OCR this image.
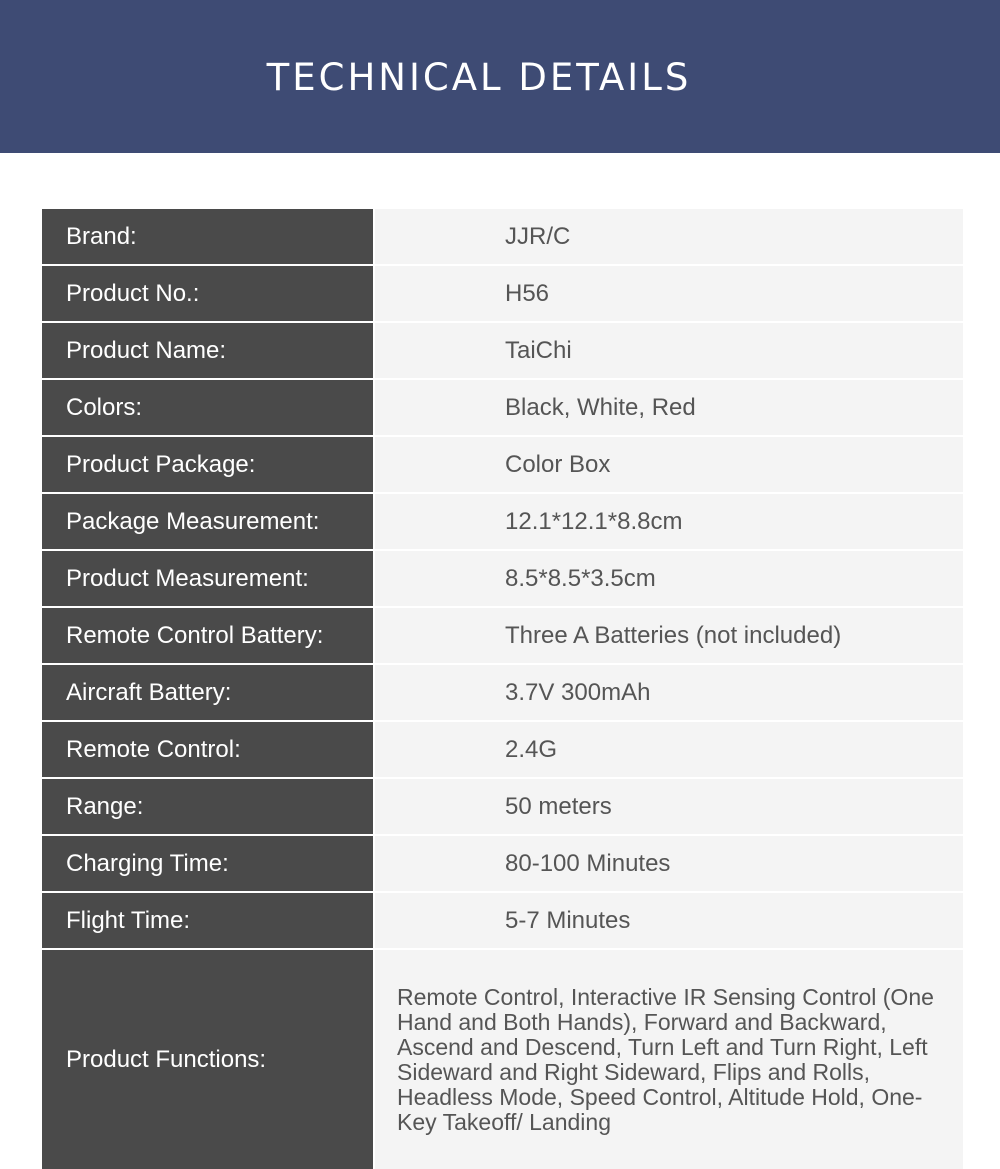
TECHNICAL DETAILS
Brand:	JJR/C
Product No.:	H56
Product Name:	TaiChi
Colors:	Black, White, Red
Product Package:	Color Box
Package Measurement:	12.1*12.1*8.8cm
Product Measurement:	8.5*8.5*3.5cm
Remote Control Battery:	Three A Batteries (not included)
Aircraft Battery:	3.7V 300mAh
Remote Control:	2.4G
Range:	50 meters
Charging Time:	80-100 Minutes
Flight Time:	5-7 Minutes
Product Functions:
Remote Control, Interactive IR Sensing Control (One Hand and Both Hands), Forward and Backward, Ascend and Descend, Turn Left and Turn Right, Left Sideward and Right Sideward, Flips and Rolls, Headless Mode, Speed Control, Altitude Hold, One-Key Takeoff/ Landing
